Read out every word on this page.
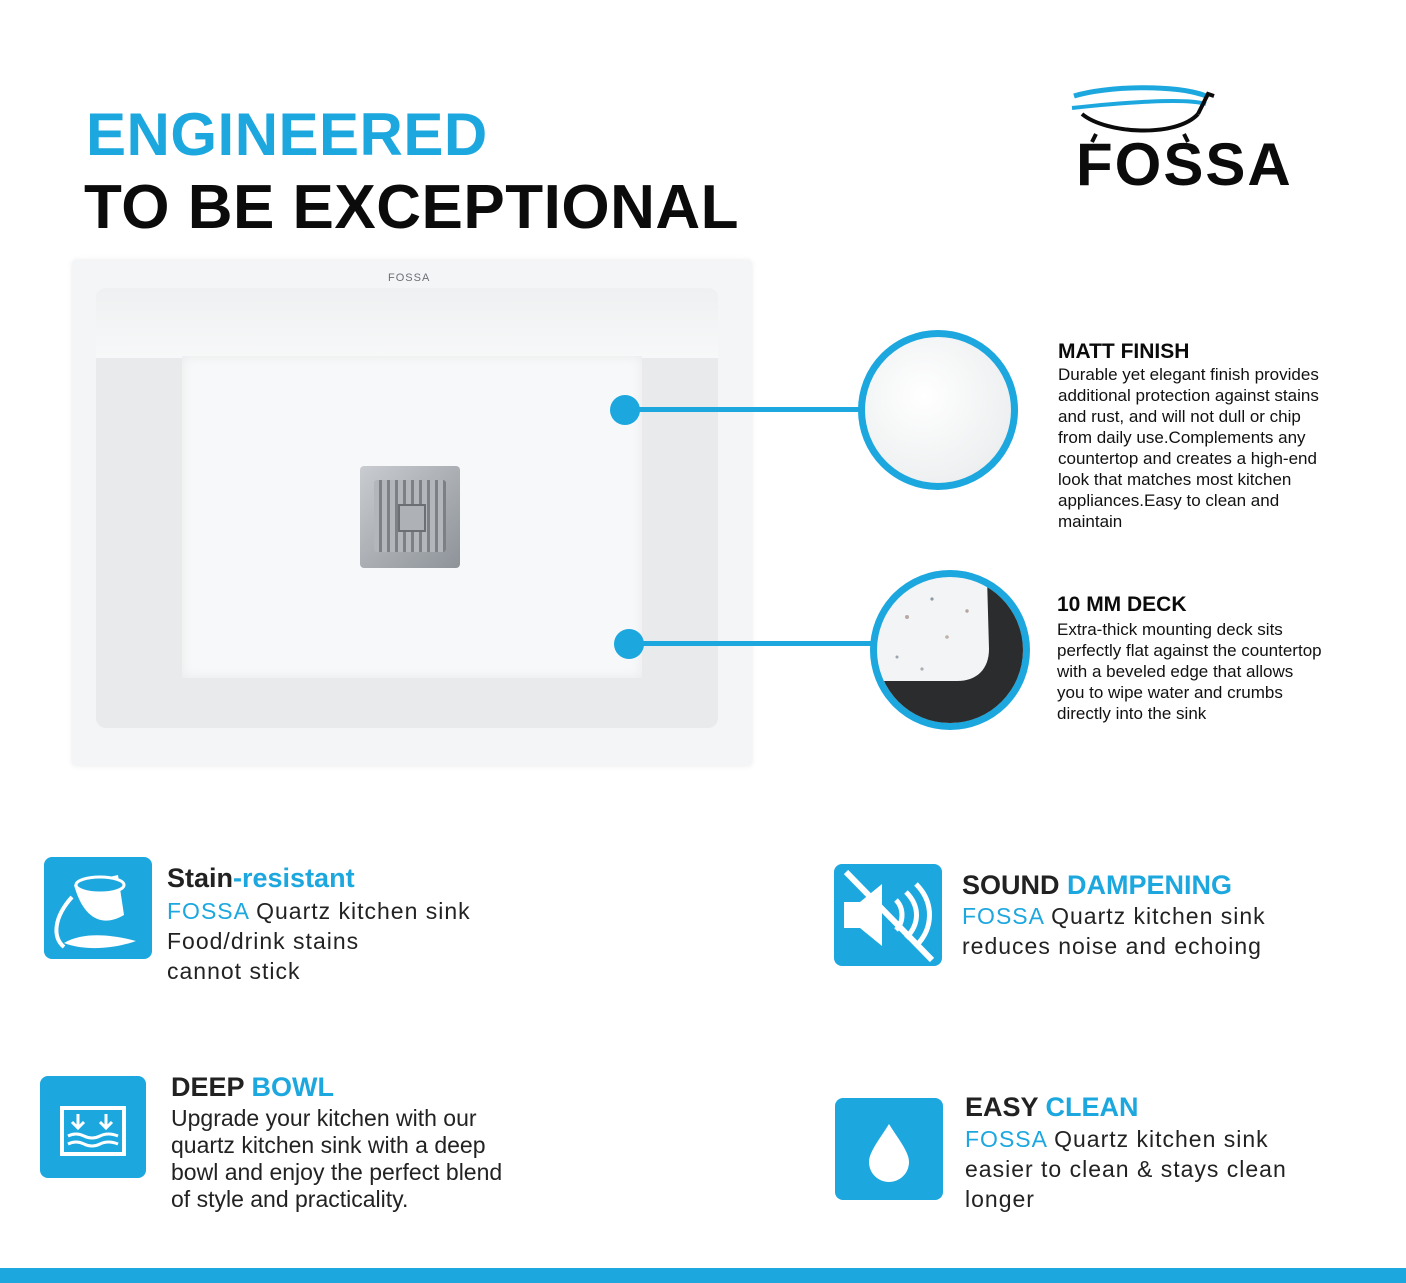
ENGINEERED
TO BE EXCEPTIONAL
FOSSA
FOSSA
MATT FINISH
Durable yet elegant finish provides
additional protection against stains
and rust, and will not dull or chip
from daily use.Complements any
countertop and creates a high-end
look that matches most kitchen
appliances.Easy to clean and
maintain
10 MM DECK
Extra-thick mounting deck sits
perfectly flat against the countertop
with a beveled edge that allows
you to wipe water and crumbs
directly into the sink
Stain-resistant
FOSSA Quartz kitchen sink
Food/drink stains
cannot stick
SOUND DAMPENING
FOSSA Quartz kitchen sink
reduces noise and echoing
DEEP BOWL
Upgrade your kitchen with our
quartz kitchen sink with a deep
bowl and enjoy the perfect blend
of style and practicality.
EASY CLEAN
FOSSA Quartz kitchen sink
easier to clean & stays clean
longer
